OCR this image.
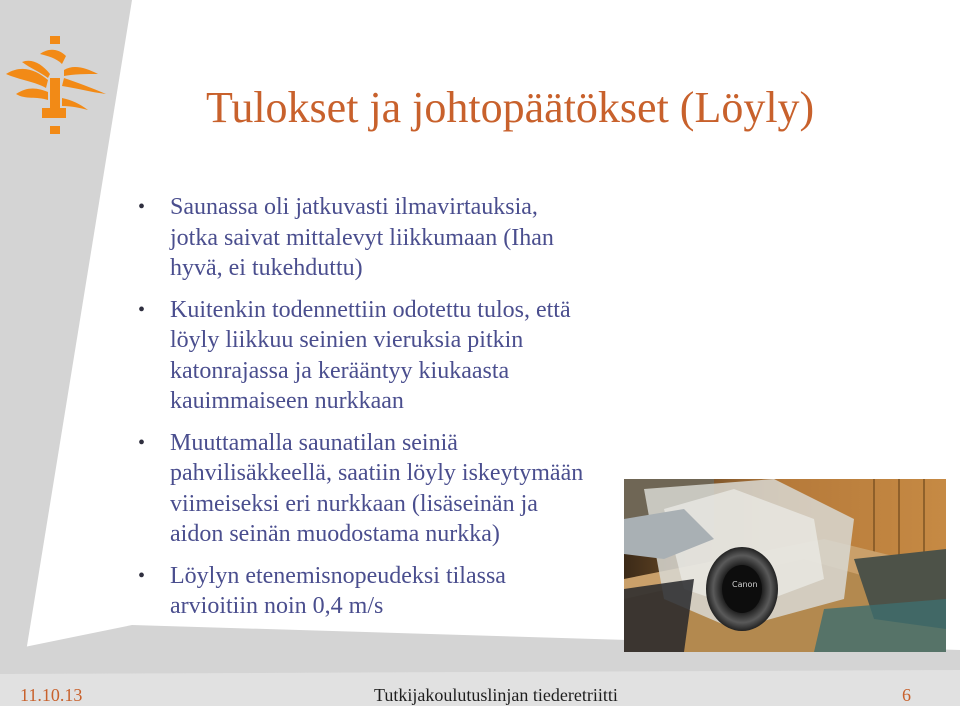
Tulokset ja johtopäätökset (Löyly)
• Saunassa oli jatkuvasti ilmavirtauksia,
jotka saivat mittalevyt liikkumaan (Ihan
hyvä, ei tukehduttu)
• Kuitenkin todennettiin odotettu tulos, että
löyly liikkuu seinien vieruksia pitkin
katonrajassa ja kerääntyy kiukaasta
kauimmaiseen nurkkaan
• Muuttamalla saunatilan seiniä
pahvilisäkkeellä, saatiin löyly iskeytymään
viimeiseksi eri nurkkaan (lisäseinän ja
aidon seinän muodostama nurkka)
• Löylyn etenemisnopeudeksi tilassa
arvioitiin noin 0,4 m/s
Canon
11.10.13	Tutkijakoulutuslinjan tiederetriitti	6
